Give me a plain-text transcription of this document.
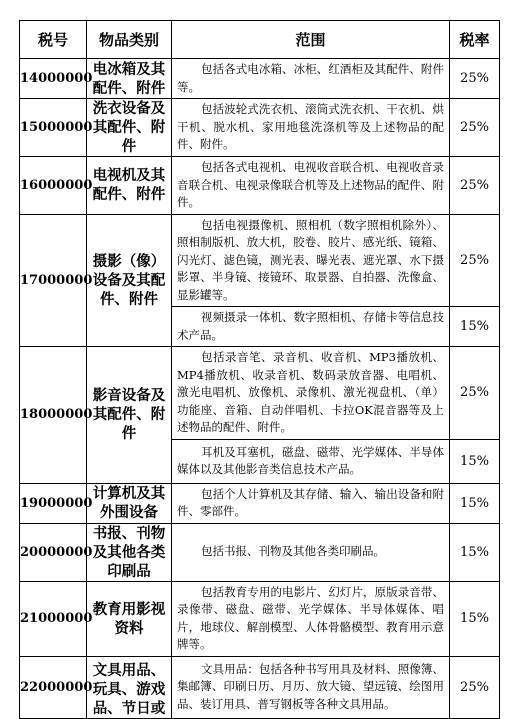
税号	物品类别	范围	税率
14000000	电冰箱及其配件、附件	包括各式电冰箱、冰柜、红酒柜及其配件、附件等。	25%
15000000	洗衣设备及其配件、附件	包括波轮式洗衣机、滚筒式洗衣机、干衣机、烘干机、脱水机、家用地毯洗涤机等及上述物品的配件、附件。	25%
16000000	电视机及其配件、附件	包括各式电视机、电视收音联合机、电视收音录音联合机、电视录像联合机等及上述物品的配件、附件。	25%
17000000	摄影（像）设备及其配件、附件	包括电视摄像机、照相机（数字照相机除外）、照相制版机、放大机，胶卷、胶片、感光纸、镜箱、闪光灯、滤色镜，测光表、曝光表、遮光罩、水下摄影罩、半身镜、接镜环、取景器、自拍器、洗像盒、显影罐等。	25%
		视频摄录一体机、数字照相机、存储卡等信息技术产品。	15%
18000000	影音设备及其配件、附件	包括录音笔、录音机、收音机、MP3播放机、MP4播放机、收录音机、数码录放音器、电唱机、激光电唱机、放像机、录像机、激光视盘机、（单）功能座、音箱、自动伴唱机、卡拉OK混音器等及上述物品的配件、附件。	25%
		耳机及耳塞机，磁盘、磁带、光学媒体、半导体媒体以及其他影音类信息技术产品。	15%
19000000	计算机及其外围设备	包括个人计算机及其存储、输入、输出设备和附件、零部件。	15%
20000000	书报、刊物及其他各类印刷品	包括书报、刊物及其他各类印刷品。	15%
21000000	教育用影视资料	包括教育专用的电影片、幻灯片，原版录音带、录像带、磁盘、磁带、光学媒体、半导体媒体、唱片，地球仪、解剖模型、人体骨骼模型、教育用示意牌等。	15%
22000000	文具用品、玩具、游戏品、节日或	文具用品：包括各种书写用具及材料、照像簿、集邮簿、印刷日历、月历、放大镜、望远镜、绘图用品、装订用具、普写钢板等各种文具用品。	25%
